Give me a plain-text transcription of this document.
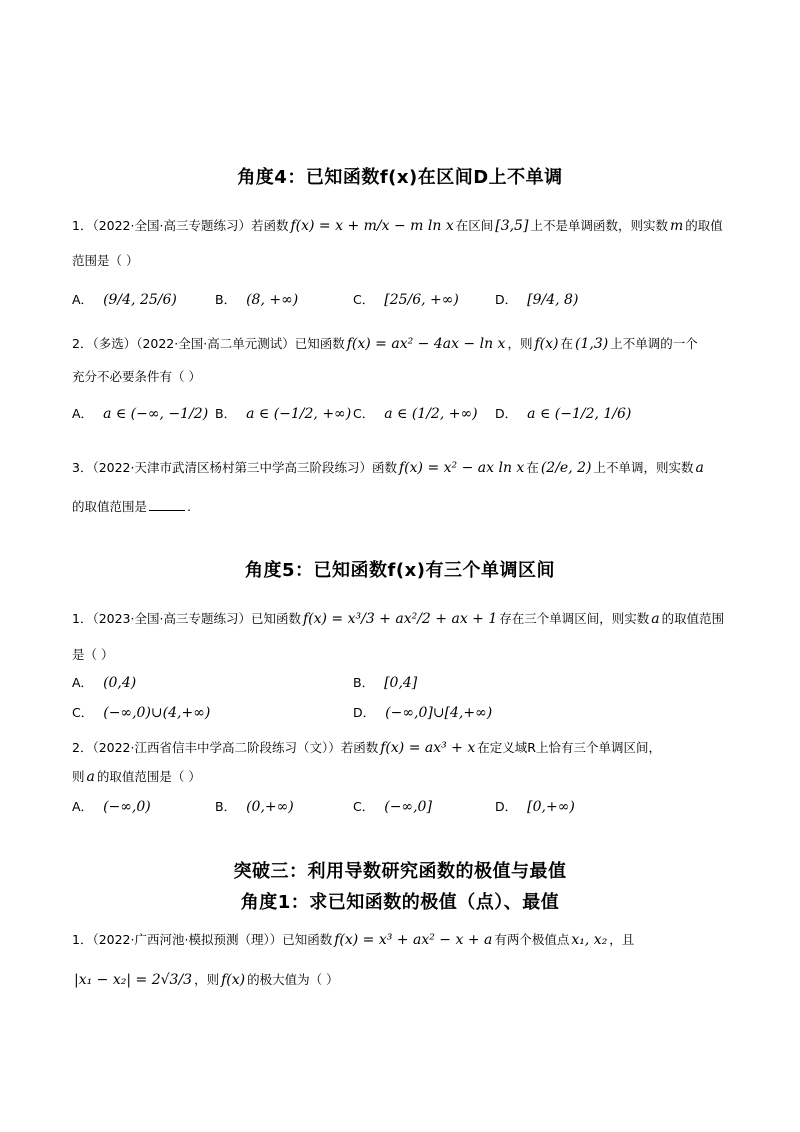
角度4：已知函数f(x)在区间D上不单调
1．（2022·全国·高三专题练习）若函数 f(x) = x + m/x − m ln x 在区间 [3,5] 上不是单调函数，则实数 m 的取值
范围是（ ）
A． (9/4, 25/6)	B． (8, +∞)	C． [25/6, +∞)	D． [9/4, 8)
2．（多选）（2022·全国·高二单元测试）已知函数 f(x) = ax² − 4ax − ln x ，则 f(x) 在 (1,3) 上不单调的一个
充分不必要条件有（ ）
A． a ∈ (−∞, −1/2) B． a ∈ (−1/2, +∞) C． a ∈ (1/2, +∞) D． a ∈ (−1/2, 1/6)
3．（2022·天津市武清区杨村第三中学高三阶段练习）函数 f(x) = x² − ax ln x 在 (2/e, 2) 上不单调，则实数 a
的取值范围是	.
角度5：已知函数f(x)有三个单调区间
1．（2023·全国·高三专题练习）已知函数 f(x) = x³/3 + ax²/2 + ax + 1 存在三个单调区间，则实数 a 的取值范围
是（ ）
A． (0,4)	B． [0,4]
C． (−∞,0)∪(4,+∞)	D． (−∞,0]∪[4,+∞)
2．（2022·江西省信丰中学高二阶段练习（文））若函数 f(x) = ax³ + x 在定义域R上恰有三个单调区间，
则 a 的取值范围是（ ）
A． (−∞,0)	B． (0,+∞)	C． (−∞,0]	D． [0,+∞)
突破三：利用导数研究函数的极值与最值
角度1：求已知函数的极值（点）、最值
1．（2022·广西河池·模拟预测（理））已知函数 f(x) = x³ + ax² − x + a 有两个极值点 x₁, x₂ ，且
|x₁ − x₂| = 2√3/3 ，则 f(x) 的极大值为（ ）
